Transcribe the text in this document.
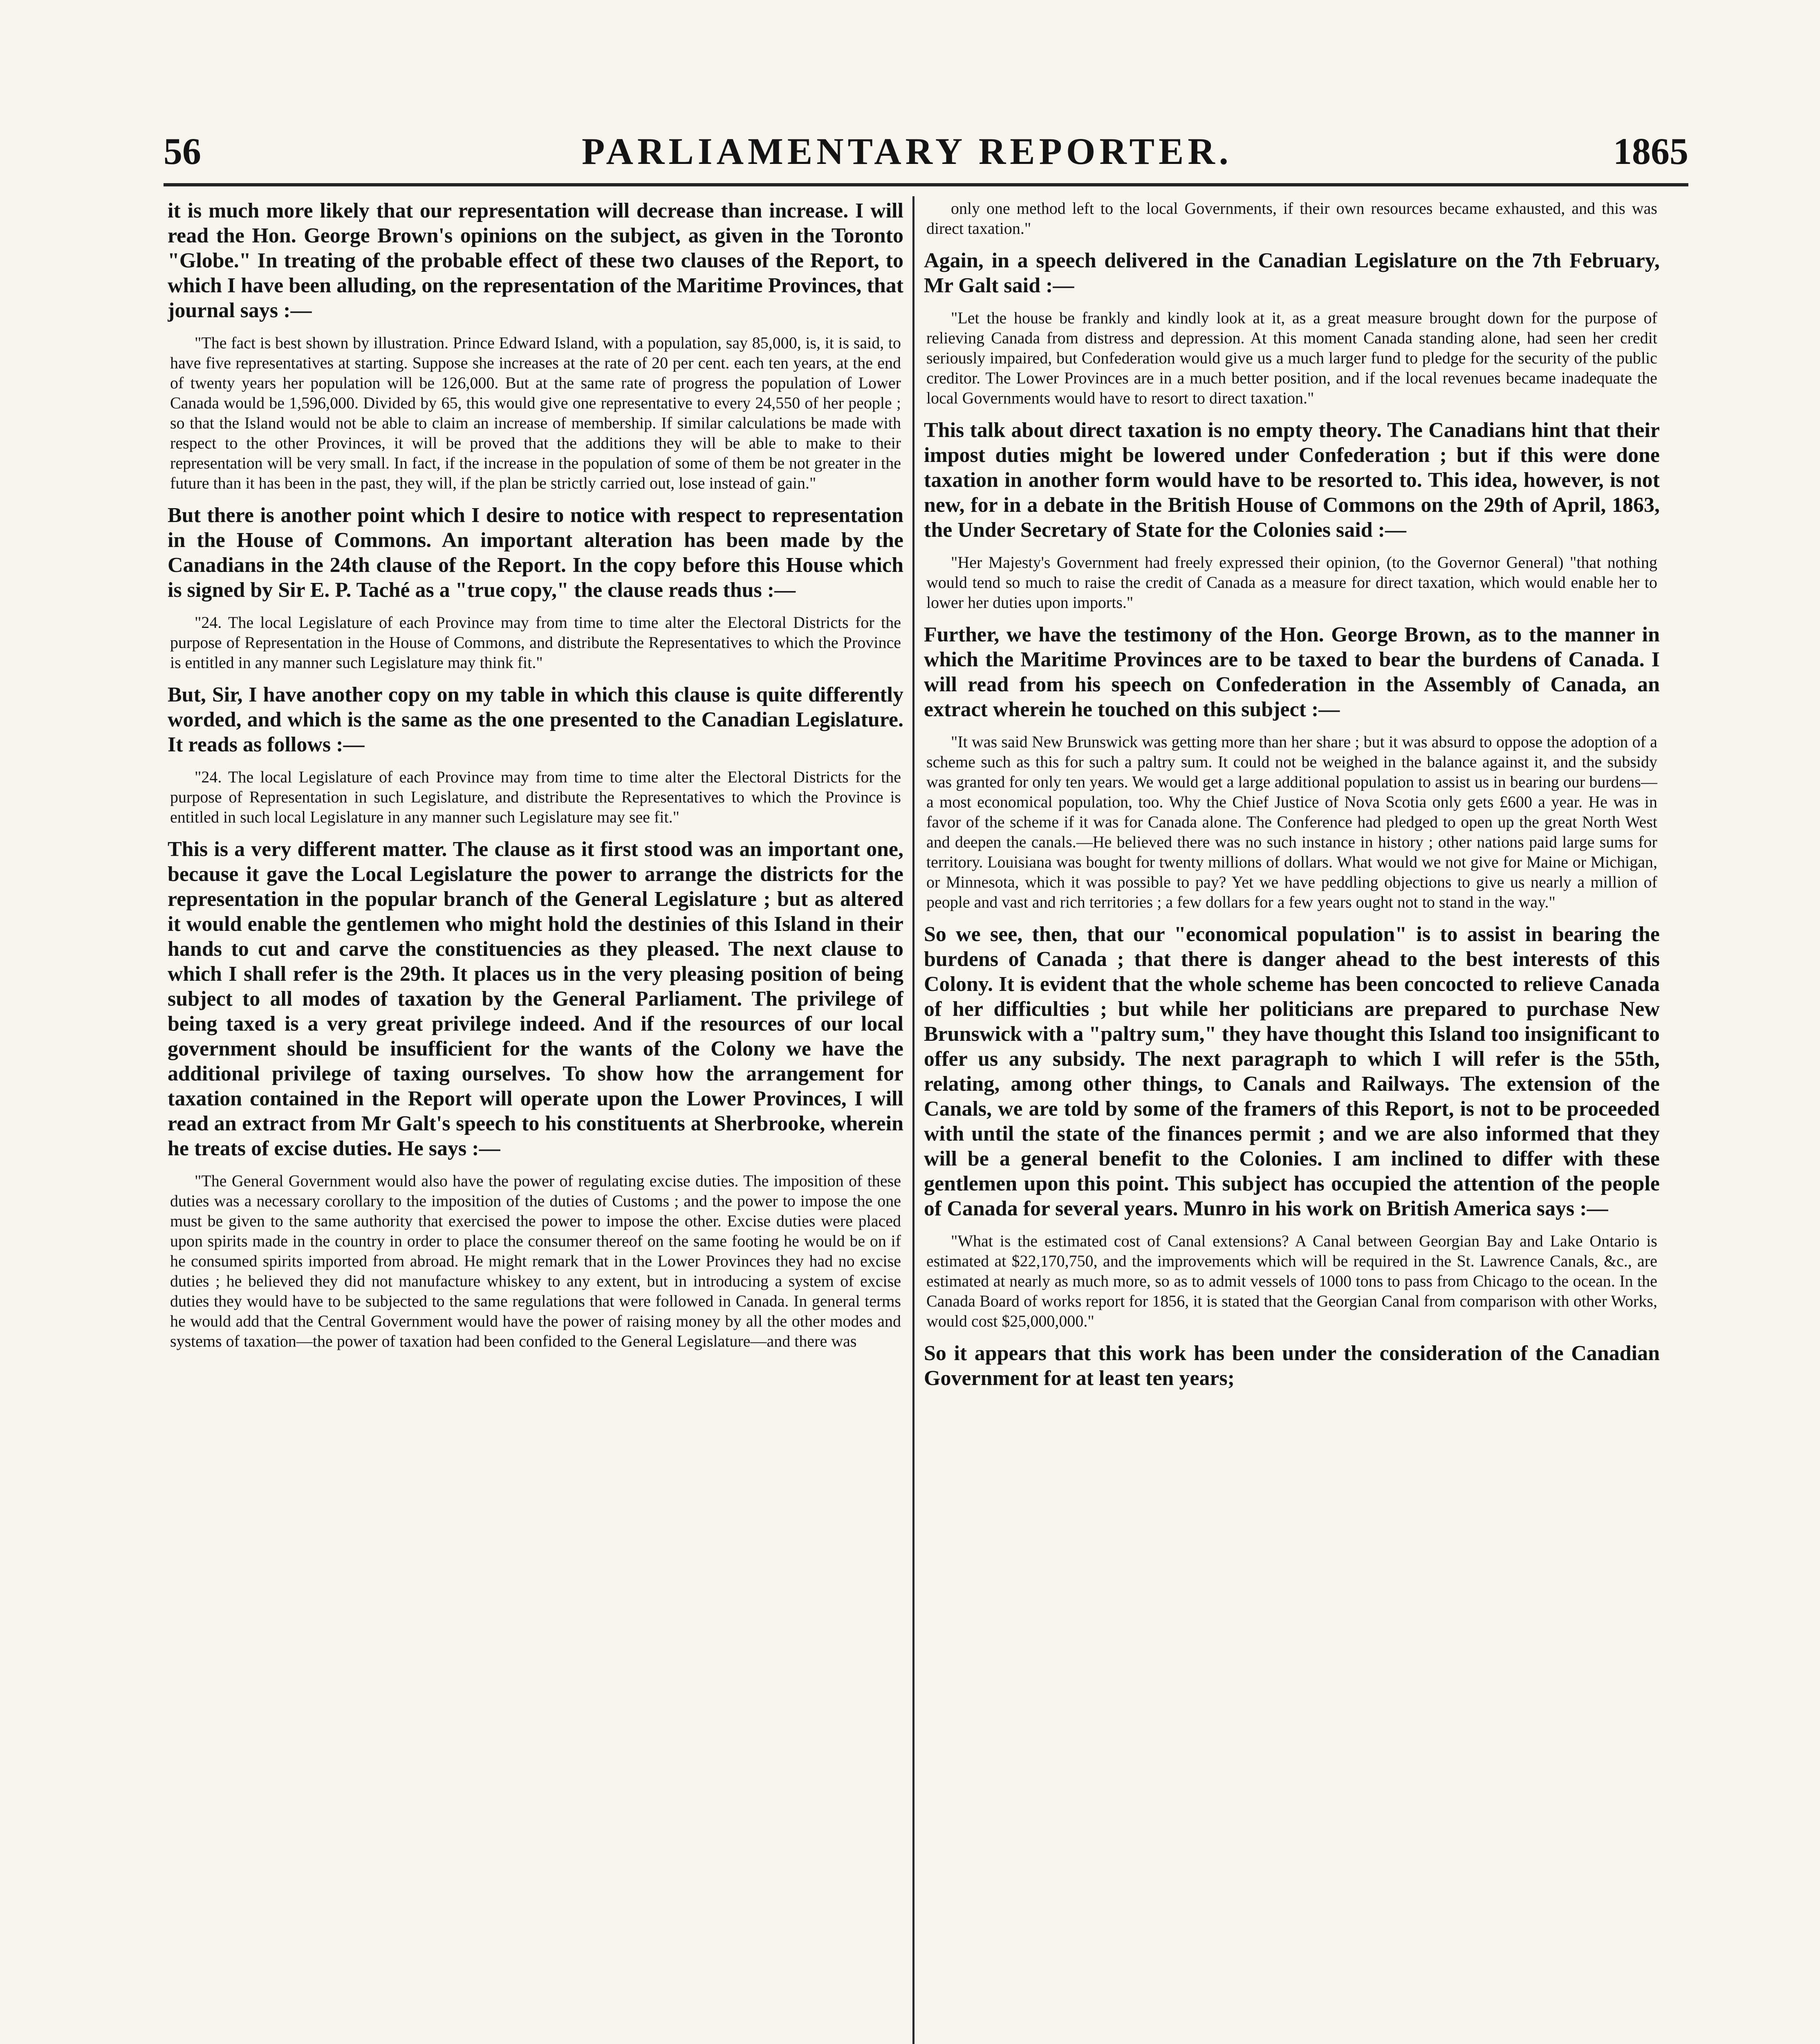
56	PARLIAMENTARY REPORTER.	1865

it is much more likely that our representation will decrease than increase. I will read the Hon. George Brown's opinions on the subject, as given in the Toronto "Globe." In treating of the probable effect of these two clauses of the Report, to which I have been alluding, on the representation of the Maritime Provinces, that journal says :—

"The fact is best shown by illustration. Prince Edward Island, with a population, say 85,000, is, it is said, to have five representatives at starting. Suppose she increases at the rate of 20 per cent. each ten years, at the end of twenty years her population will be 126,000. But at the same rate of progress the population of Lower Canada would be 1,596,000. Divided by 65, this would give one representative to every 24,550 of her people ; so that the Island would not be able to claim an increase of membership. If similar calculations be made with respect to the other Provinces, it will be proved that the additions they will be able to make to their representation will be very small. In fact, if the increase in the population of some of them be not greater in the future than it has been in the past, they will, if the plan be strictly carried out, lose instead of gain."

But there is another point which I desire to notice with respect to representation in the House of Commons. An important alteration has been made by the Canadians in the 24th clause of the Report. In the copy before this House which is signed by Sir E. P. Taché as a "true copy," the clause reads thus :—

"24. The local Legislature of each Province may from time to time alter the Electoral Districts for the purpose of Representation in the House of Commons, and distribute the Representatives to which the Province is entitled in any manner such Legislature may think fit."

But, Sir, I have another copy on my table in which this clause is quite differently worded, and which is the same as the one presented to the Canadian Legislature. It reads as follows :—

"24. The local Legislature of each Province may from time to time alter the Electoral Districts for the purpose of Representation in such Legislature, and distribute the Representatives to which the Province is entitled in such local Legislature in any manner such Legislature may see fit."

This is a very different matter. The clause as it first stood was an important one, because it gave the Local Legislature the power to arrange the districts for the representation in the popular branch of the General Legislature ; but as altered it would enable the gentlemen who might hold the destinies of this Island in their hands to cut and carve the constituencies as they pleased. The next clause to which I shall refer is the 29th. It places us in the very pleasing position of being subject to all modes of taxation by the General Parliament. The privilege of being taxed is a very great privilege indeed. And if the resources of our local government should be insufficient for the wants of the Colony we have the additional privilege of taxing ourselves. To show how the arrangement for taxation contained in the Report will operate upon the Lower Provinces, I will read an extract from Mr Galt's speech to his constituents at Sherbrooke, wherein he treats of excise duties. He says :—

"The General Government would also have the power of regulating excise duties. The imposition of these duties was a necessary corollary to the imposition of the duties of Customs ; and the power to impose the one must be given to the same authority that exercised the power to impose the other. Excise duties were placed upon spirits made in the country in order to place the consumer thereof on the same footing he would be on if he consumed spirits imported from abroad. He might remark that in the Lower Provinces they had no excise duties ; he believed they did not manufacture whiskey to any extent, but in introducing a system of excise duties they would have to be subjected to the same regulations that were followed in Canada. In general terms he would add that the Central Government would have the power of raising money by all the other modes and systems of taxation—the power of taxation had been confided to the General Legislature—and there was

only one method left to the local Governments, if their own resources became exhausted, and this was direct taxation."

Again, in a speech delivered in the Canadian Legislature on the 7th February, Mr Galt said :—

"Let the house be frankly and kindly look at it, as a great measure brought down for the purpose of relieving Canada from distress and depression. At this moment Canada standing alone, had seen her credit seriously impaired, but Confederation would give us a much larger fund to pledge for the security of the public creditor. The Lower Provinces are in a much better position, and if the local revenues became inadequate the local Governments would have to resort to direct taxation."

This talk about direct taxation is no empty theory. The Canadians hint that their impost duties might be lowered under Confederation ; but if this were done taxation in another form would have to be resorted to. This idea, however, is not new, for in a debate in the British House of Commons on the 29th of April, 1863, the Under Secretary of State for the Colonies said :—

"Her Majesty's Government had freely expressed their opinion, (to the Governor General) "that nothing would tend so much to raise the credit of Canada as a measure for direct taxation, which would enable her to lower her duties upon imports."

Further, we have the testimony of the Hon. George Brown, as to the manner in which the Maritime Provinces are to be taxed to bear the burdens of Canada. I will read from his speech on Confederation in the Assembly of Canada, an extract wherein he touched on this subject :—

"It was said New Brunswick was getting more than her share ; but it was absurd to oppose the adoption of a scheme such as this for such a paltry sum. It could not be weighed in the balance against it, and the subsidy was granted for only ten years. We would get a large additional population to assist us in bearing our burdens—a most economical population, too. Why the Chief Justice of Nova Scotia only gets £600 a year. He was in favor of the scheme if it was for Canada alone. The Conference had pledged to open up the great North West and deepen the canals.—He believed there was no such instance in history ; other nations paid large sums for territory. Louisiana was bought for twenty millions of dollars. What would we not give for Maine or Michigan, or Minnesota, which it was possible to pay? Yet we have peddling objections to give us nearly a million of people and vast and rich territories ; a few dollars for a few years ought not to stand in the way."

So we see, then, that our "economical population" is to assist in bearing the burdens of Canada ; that there is danger ahead to the best interests of this Colony. It is evident that the whole scheme has been concocted to relieve Canada of her difficulties ; but while her politicians are prepared to purchase New Brunswick with a "paltry sum," they have thought this Island too insignificant to offer us any subsidy. The next paragraph to which I will refer is the 55th, relating, among other things, to Canals and Railways. The extension of the Canals, we are told by some of the framers of this Report, is not to be proceeded with until the state of the finances permit ; and we are also informed that they will be a general benefit to the Colonies. I am inclined to differ with these gentlemen upon this point. This subject has occupied the attention of the people of Canada for several years. Munro in his work on British America says :—

"What is the estimated cost of Canal extensions? A Canal between Georgian Bay and Lake Ontario is estimated at $22,170,750, and the improvements which will be required in the St. Lawrence Canals, &c., are estimated at nearly as much more, so as to admit vessels of 1000 tons to pass from Chicago to the ocean. In the Canada Board of works report for 1856, it is stated that the Georgian Canal from comparison with other Works, would cost $25,000,000."

So it appears that this work has been under the consideration of the Canadian Government for at least ten years;
